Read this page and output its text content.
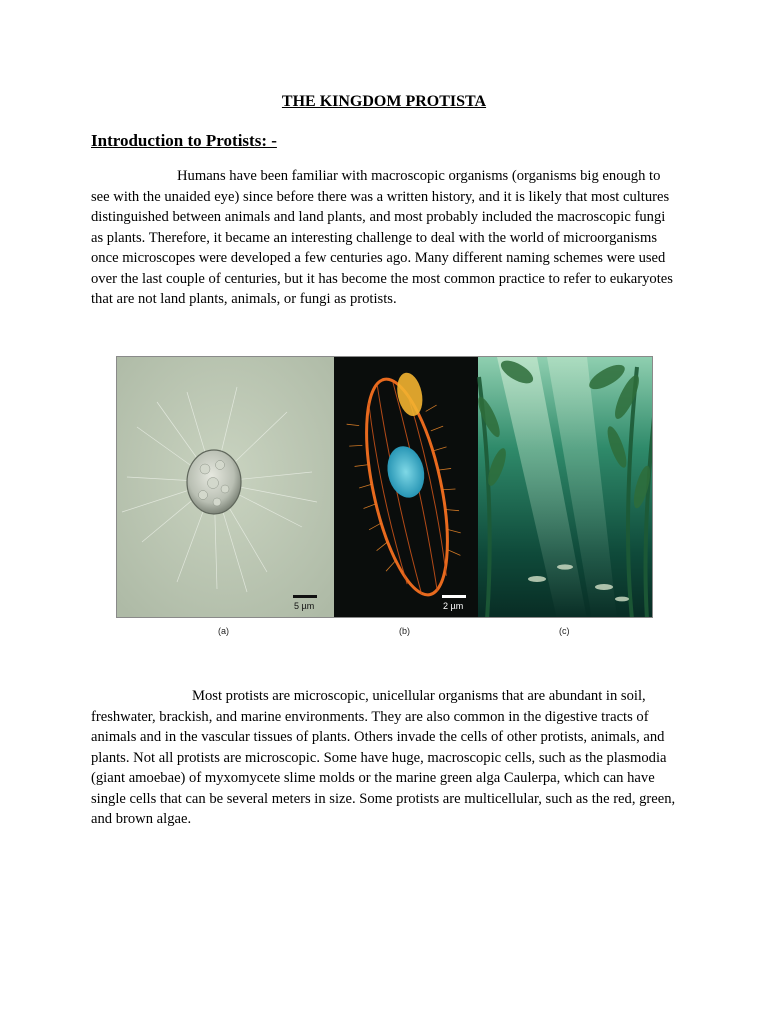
THE KINGDOM PROTISTA
Introduction to Protists: -

Humans have been familiar with macroscopic organisms (organisms big enough to see with the unaided eye) since before there was a written history, and it is likely that most cultures distinguished between animals and land plants, and most probably included the macroscopic fungi as plants. Therefore, it became an interesting challenge to deal with the world of microorganisms once microscopes were developed a few centuries ago. Many different naming schemes were used over the last couple of centuries, but it has become the most common practice to refer to eukaryotes that are not land plants, animals, or fungi as protists.

5 µm	2 µm
(a)	(b)	(c)

Most protists are microscopic, unicellular organisms that are abundant in soil, freshwater, brackish, and marine environments. They are also common in the digestive tracts of animals and in the vascular tissues of plants. Others invade the cells of other protists, animals, and plants. Not all protists are microscopic. Some have huge, macroscopic cells, such as the plasmodia (giant amoebae) of myxomycete slime molds or the marine green alga Caulerpa, which can have single cells that can be several meters in size. Some protists are multicellular, such as the red, green, and brown algae.
